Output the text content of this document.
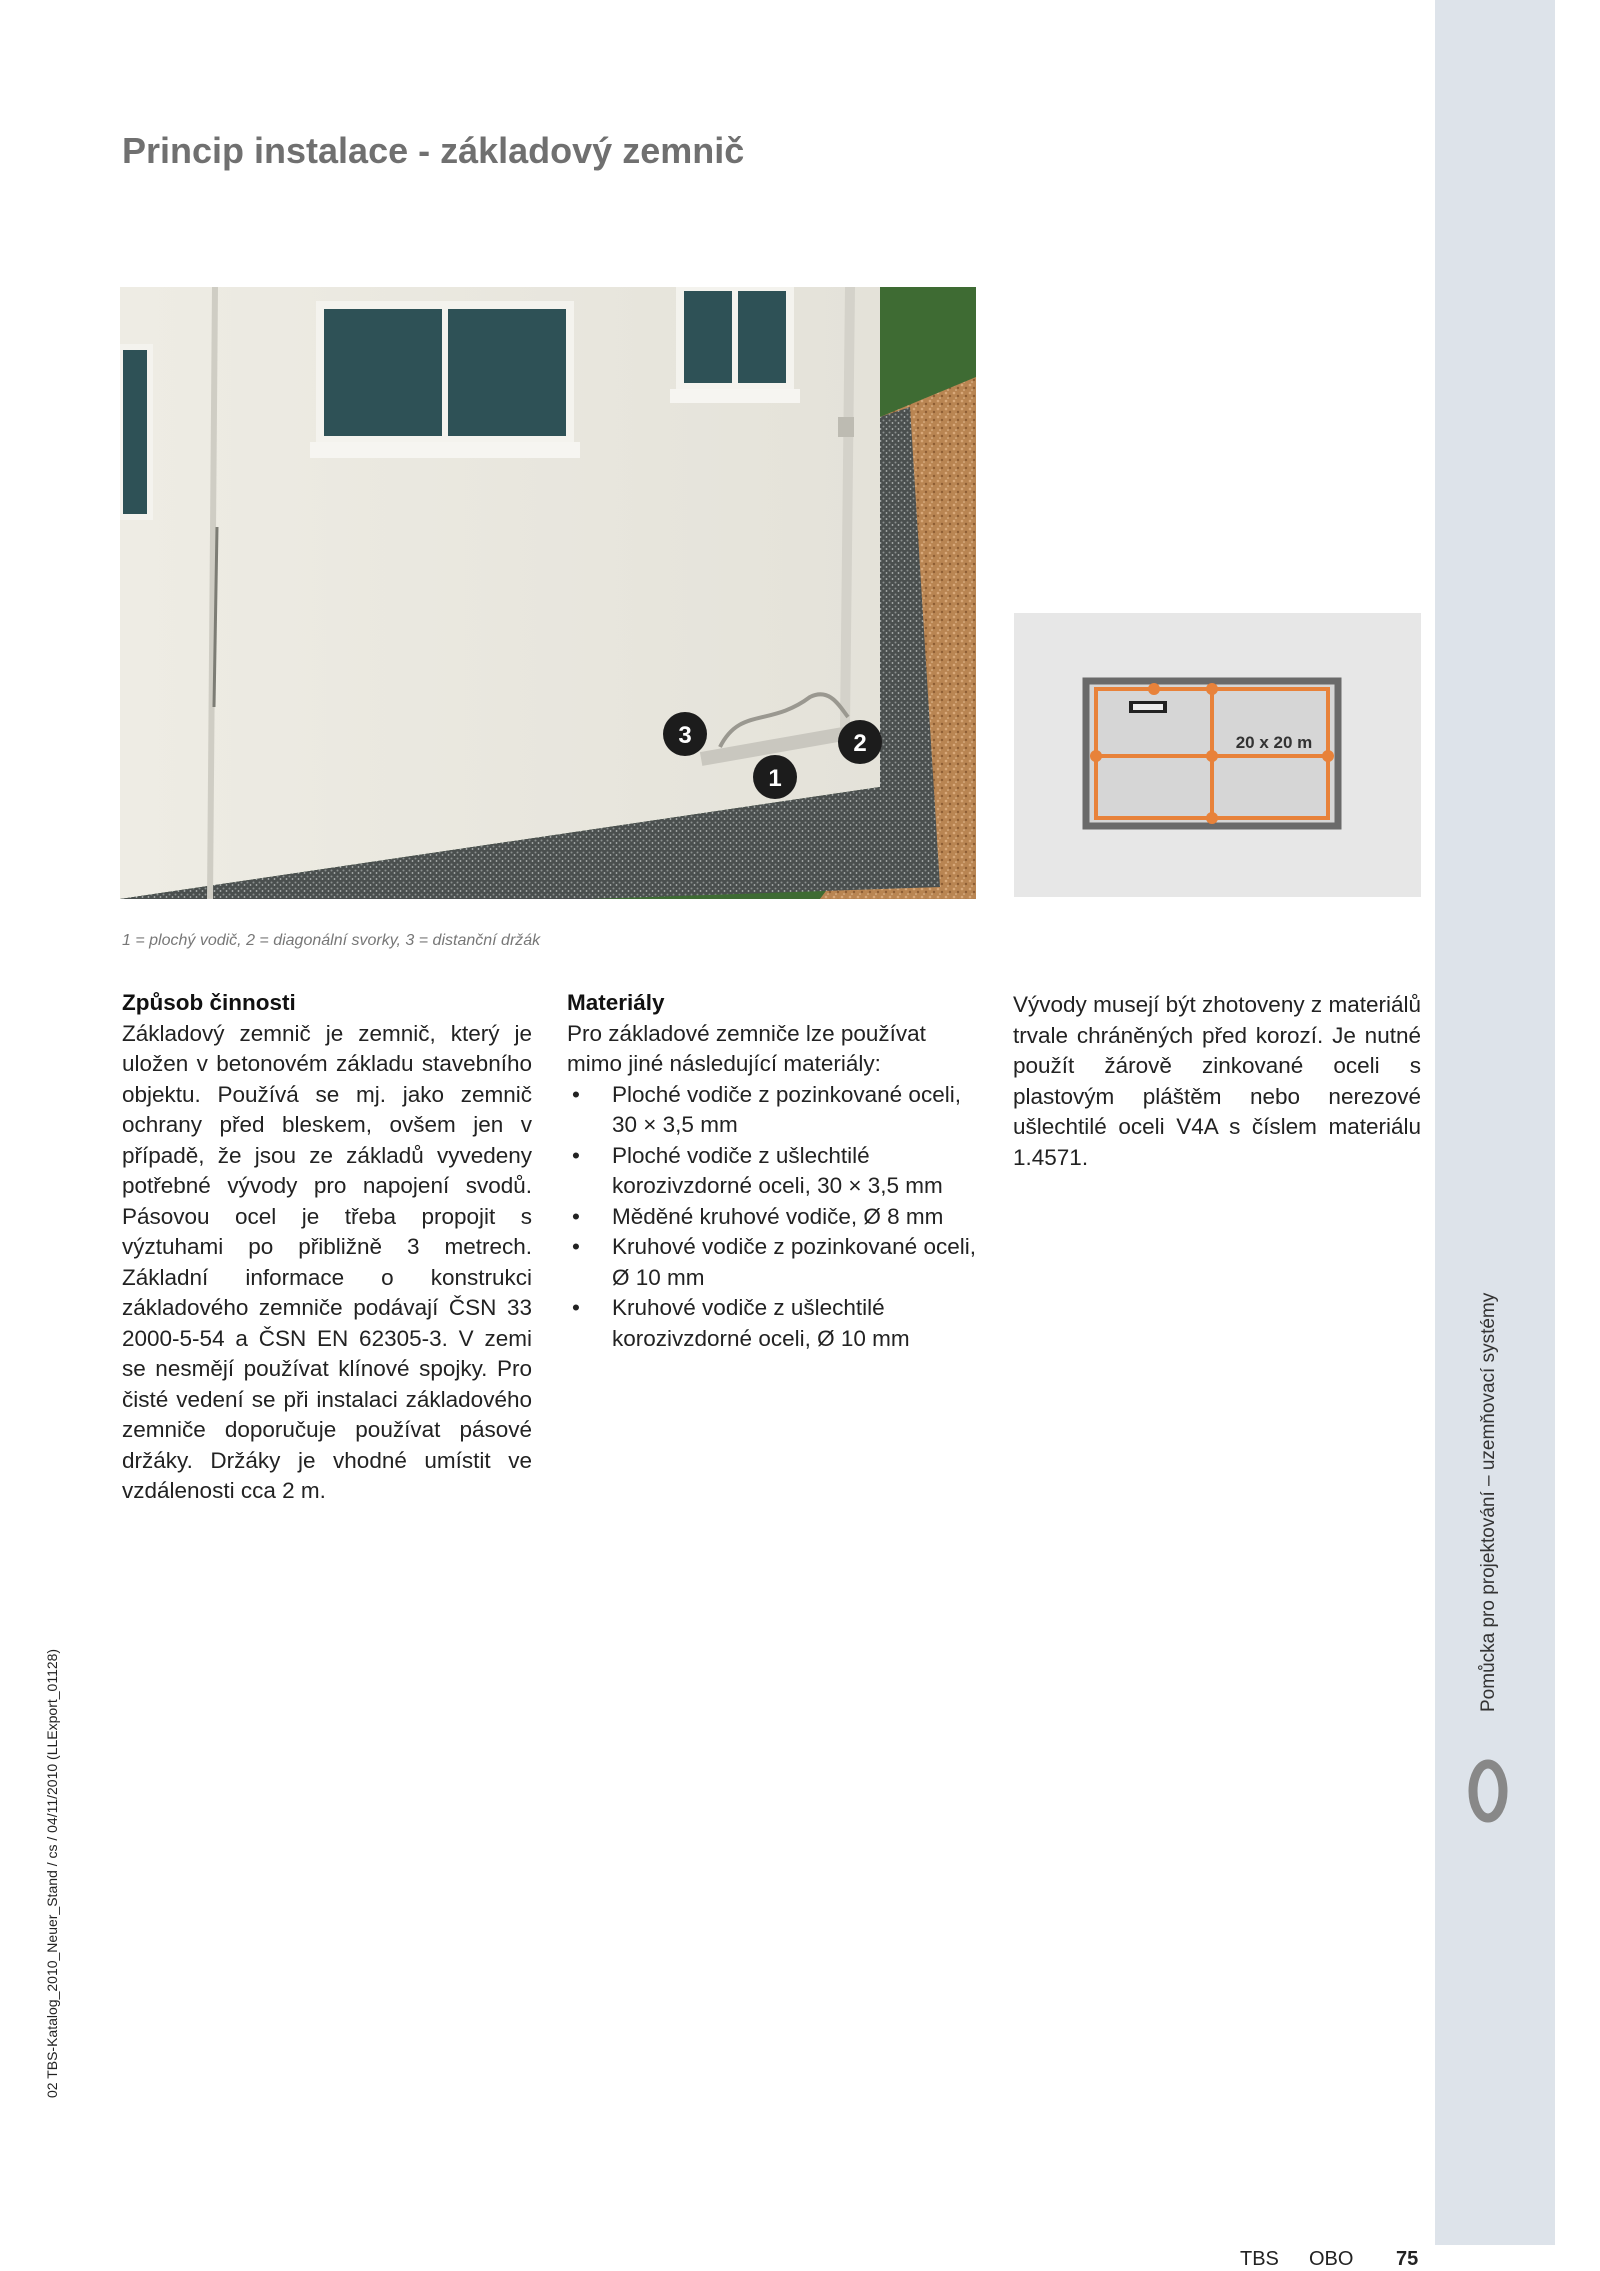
Pomůcka pro projektování – uzemňovací systémy
02 TBS-Katalog_2010_Neuer_Stand / cs / 04/11/2010 (LLExport_01128)
Princip instalace - základový zemnič
3
1
2	20 x 20 m
1 = plochý vodič, 2 = diagonální svorky, 3 = distanční držák
Způsob činnosti

Základový zemnič je zemnič, který je uložen v betonovém základu stavebního objektu. Používá se mj. jako zemnič ochrany před bleskem, ovšem jen v případě, že jsou ze základů vyvedeny potřebné vývody pro napojení svodů. Pásovou ocel je třeba propojit s výztuhami po přibližně 3 metrech. Základní informace o konstrukci základového zemniče podávají ČSN 33 2000-5-54 a ČSN EN 62305-3. V zemi se nesmějí používat klínové spojky. Pro čisté vedení se při instalaci základového zemniče doporučuje používat pásové držáky. Držáky je vhodné umístit ve vzdálenosti cca 2 m.

Materiály

Pro základové zemniče lze používat mimo jiné následující materiály:

• Ploché vodiče z pozinkované oceli, 30 × 3,5 mm
• Ploché vodiče z ušlechtilé korozivzdorné oceli, 30 × 3,5 mm
• Měděné kruhové vodiče, Ø 8 mm
• Kruhové vodiče z pozinkované oceli, Ø 10 mm
• Kruhové vodiče z ušlechtilé korozivzdorné oceli, Ø 10 mm

Vývody musejí být zhotoveny z materiálů trvale chráněných před korozí. Je nutné použít žárově zinkované oceli s plastovým pláštěm nebo nerezové ušlechtilé oceli V4A s číslem materiálu 1.4571.

TBS OBO 75
